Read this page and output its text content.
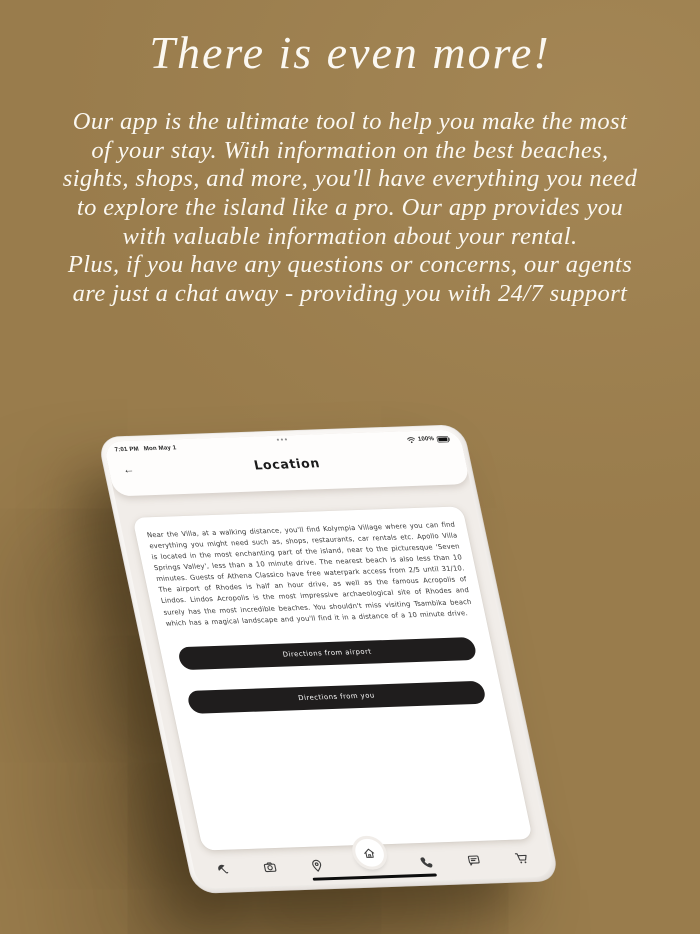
There is even more!

Our app is the ultimate tool to help you make the most of your stay. With information on the best beaches, sights, shops, and more, you'll have everything you need to explore the island like a pro. Our app provides you with valuable information about your rental.

Plus, if you have any questions or concerns, our agents are just a chat away - providing you with 24/7 support

7:01 PM Mon May 1
100%
←	Location

Near the Villa, at a walking distance, you'll find Kolympia Village where you can find everything you might need such as, shops, restaurants, car rentals etc. Apollo Villa is located in the most enchanting part of the island, near to the picturesque 'Seven Springs Valley', less than a 10 minute drive. The nearest beach is also less than 10 minutes. Guests of Athena Classico have free waterpark access from 2/5 until 31/10. The airport of Rhodes is half an hour drive, as well as the famous Acropolis of Lindos. Lindos Acropolis is the most impressive archaeological site of Rhodes and surely has the most incredible beaches. You shouldn't miss visiting Tsambika beach which has a magical landscape and you'll find it in a distance of a 10 minute drive.

Directions from airport
Directions from you
